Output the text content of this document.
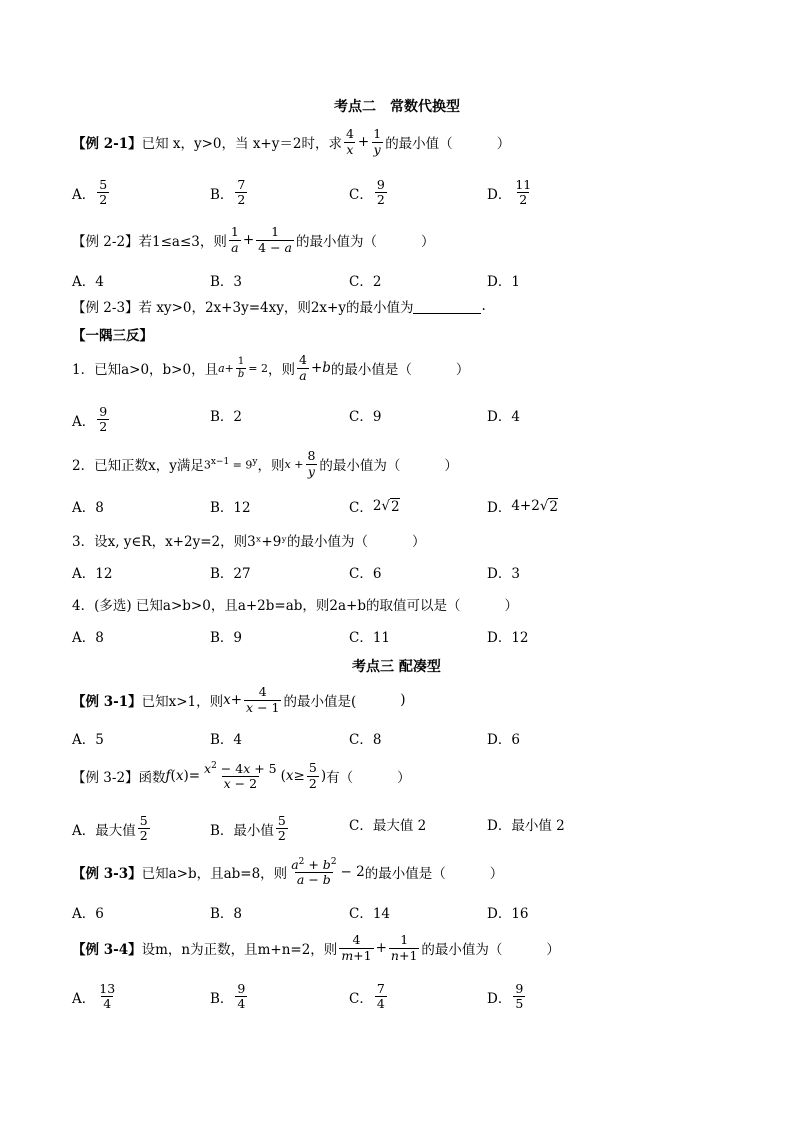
考点二　常数代换型
【例 2-1】 已知 x，y>0，当 x+y＝2时，求 $\frac{4}{x} + \frac{1}{y}$ 的最小值（	）
A． $\frac{5}{2}$	B． $\frac{7}{2}$	C． $\frac{9}{2}$	D． $\frac{11}{2}$
【例 2-2】 若1≤a≤3，则 $\frac{1}{a} + \frac{1}{4 - a}$ 的最小值为（	）
A．4	B．3	C．2	D．1
【例 2-3】 若 xy>0，2x+3y=4xy，则2x+y的最小值为	.
【一隅三反】
1．已知a>0，b>0，且 $a+ \frac{1}{b} = 2$ ，则 $\frac{4}{a} + b$ 的最小值是（	）
A． $\frac{9}{2}$	B．2	C．9	D．4
2．已知正数x，y满足 $3^{x-1} = 9^y$ ，则 $x + \frac{8}{y}$ 的最小值为（	）
A．8	B．12	C． 2√ 2	D． 4+2√ 2
3．设x, y∈R，x+2y=2，则3ˣ+9ʸ的最小值为（	）
A．12	B．27	C．6	D．3
4．(多选) 已知a>b>0，且a+2b=ab，则2a+b的取值可以是（	）
A．8	B．9	C．11	D．12
考点三 配凑型
【例 3-1】 已知x>1，则 $x + \frac{4}{x - 1}$ 的最小值是(	)
A．5	B．4	C．8	D．6
【例 3-2】 函数 f ( x )= $\frac{x^2 - 4x + 5}{x - 2}$ ( $x \ge \frac{5}{2}$ ) 有（	）
A．最大值 $\frac{5}{2}$	B．最小值 $\frac{5}{2}$	C．最大值 2	D．最小值 2
【例 3-3】 已知a>b，且ab=8，则 $\frac{a^2 + b^2}{a - b} - 2$ 的最小值是（	）
A．6	B．8	C．14	D．16
【例 3-4】 设m，n为正数，且m+n=2，则 $\frac{4}{m+1} + \frac{1}{n+1}$ 的最小值为（	）
A． $\frac{13}{4}$	B． $\frac{9}{4}$	C． $\frac{7}{4}$	D． $\frac{9}{5}$
